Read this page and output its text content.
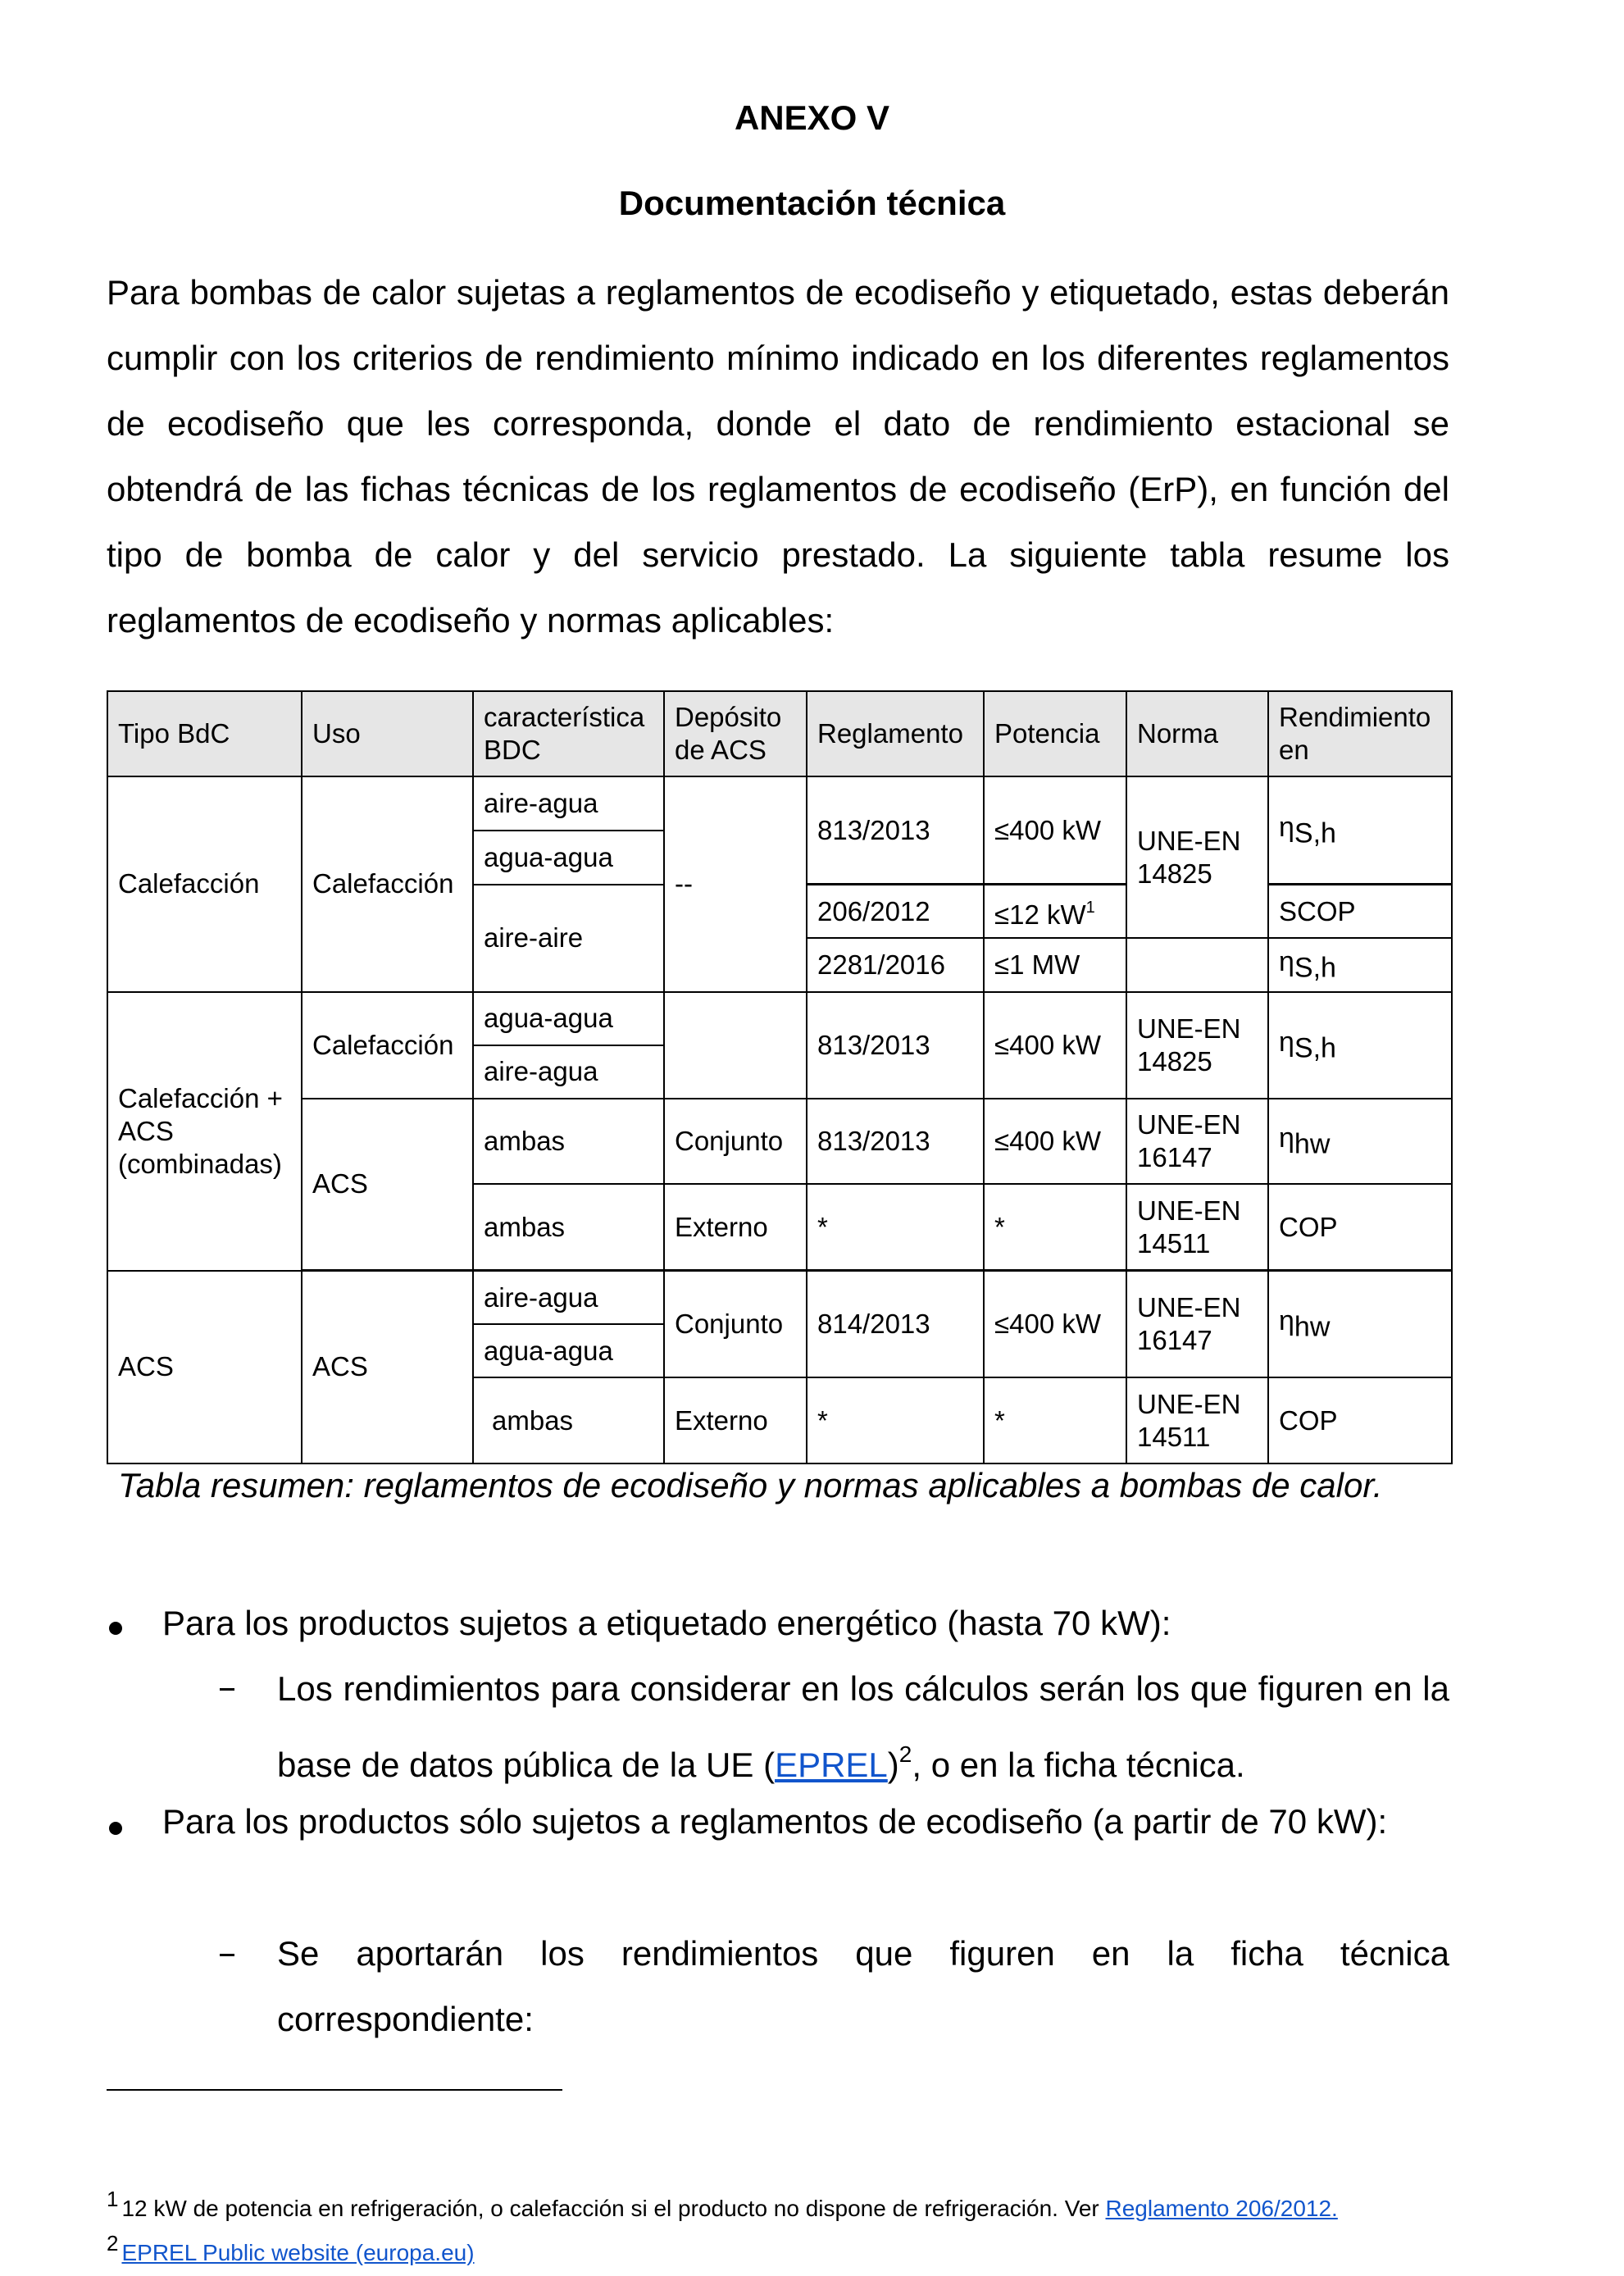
ANEXO V
Documentación técnica

Para bombas de calor sujetas a reglamentos de ecodiseño y etiquetado, estas deberán cumplir con los criterios de rendimiento mínimo indicado en los diferentes reglamentos de ecodiseño que les corresponda, donde el dato de rendimiento estacional se obtendrá de las fichas técnicas de los reglamentos de ecodiseño (ErP), en función del tipo de bomba de calor y del servicio prestado. La siguiente tabla resume los reglamentos de ecodiseño y normas aplicables:

Tipo BdC	Uso	característica BDC	Depósito de ACS	Reglamento	Potencia	Norma	Rendimiento en
Calefacción	Calefacción	aire-agua	--	813/2013	≤400 kW	UNE-EN 14825	$\eta_{S,h}$
		agua-agua					

		aire-aire		206/2012	≤12 $kW^1$		SCOP
				2281/2016	≤1 MW		$\eta_{S,h}$
Calefacción + ACS (combinadas)	Calefacción	agua-agua		813/2013	≤400 kW	UNE-EN 14825	$\eta_{S,h}$
		aire-agua					
	ACS	ambas	Conjunto	813/2013	≤400 kW	UNE-EN 16147	$\eta_{hw}$
		ambas	Externo	*	*	UNE-EN 14511	COP

ACS	ACS	aire-agua	Conjunto	814/2013	≤400 kW	UNE-EN 16147	$\eta_{hw}$
		agua-agua					
		ambas	Externo	*	*	UNE-EN 14511	COP

Tabla resumen: reglamentos de ecodiseño y normas aplicables a bombas de calor.

Para los productos sujetos a etiquetado energético (hasta 70 kW):

Los rendimientos para considerar en los cálculos serán los que figuren en la base de datos pública de la UE (EPREL)$^2$, o en la ficha técnica.

Para los productos sólo sujetos a reglamentos de ecodiseño (a partir de 70 kW):

Se aportarán los rendimientos que figuren en la ficha técnica correspondiente:

1 12 kW de potencia en refrigeración, o calefacción si el producto no dispone de refrigeración. Ver Reglamento 206/2012.

2 EPREL Public website (europa.eu)
